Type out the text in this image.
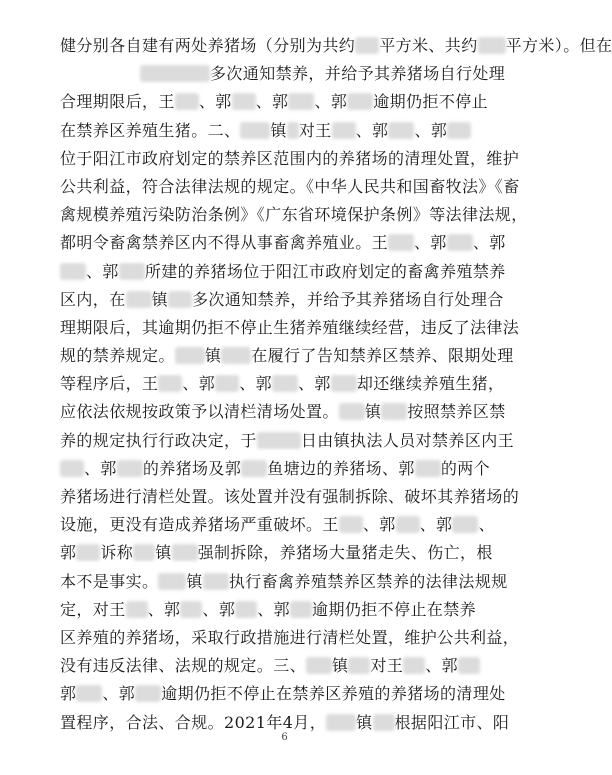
健分别各自建有两处养猪场（分别为共约 平方米、共约 平方米）。但在
多次通知禁养，并给予其养猪场自行处理
合理期限后，王 、郭 、郭 、郭 逾期仍拒不停止
在禁养区养殖生猪。二、 镇 对王 、郭 、郭
位于阳江市政府划定的禁养区范围内的养猪场的清理处置，维护
公共利益，符合法律法规的规定。《中华人民共和国畜牧法》《畜
禽规模养殖污染防治条例》《广东省环境保护条例》等法律法规，
都明令畜禽禁养区内不得从事畜禽养殖业。王 、郭 、郭
、郭 所建的养猪场位于阳江市政府划定的畜禽养殖禁养
区内，在 镇 多次通知禁养，并给予其养猪场自行处理合
理期限后，其逾期仍拒不停止生猪养殖继续经营，违反了法律法
规的禁养规定。 镇 在履行了告知禁养区禁养、限期处理
等程序后，王 、郭 、郭 、郭 却还继续养殖生猪，
应依法依规按政策予以清栏清场处置。 镇 按照禁养区禁
养的规定执行行政决定，于	日由镇执法人员对禁养区内王
、郭 的养猪场及郭 鱼塘边的养猪场、郭 的两个
养猪场进行清栏处置。该处置并没有强制拆除、破坏其养猪场的
设施，更没有造成养猪场严重破坏。王 、郭 、郭 、
郭 诉称 镇 强制拆除，养猪场大量猪走失、伤亡，根
本不是事实。 镇 执行畜禽养殖禁养区禁养的法律法规规
定，对王 、郭 、郭 、郭 逾期仍拒不停止在禁养
区养殖的养猪场，采取行政措施进行清栏处置，维护公共利益，
没有违反法律、法规的规定。三、 镇 对王 、郭
郭 、郭 逾期仍拒不停止在禁养区养殖的养猪场的清理处
置程序，合法、合规。2021年4月， 镇 根据阳江市、阳
6
